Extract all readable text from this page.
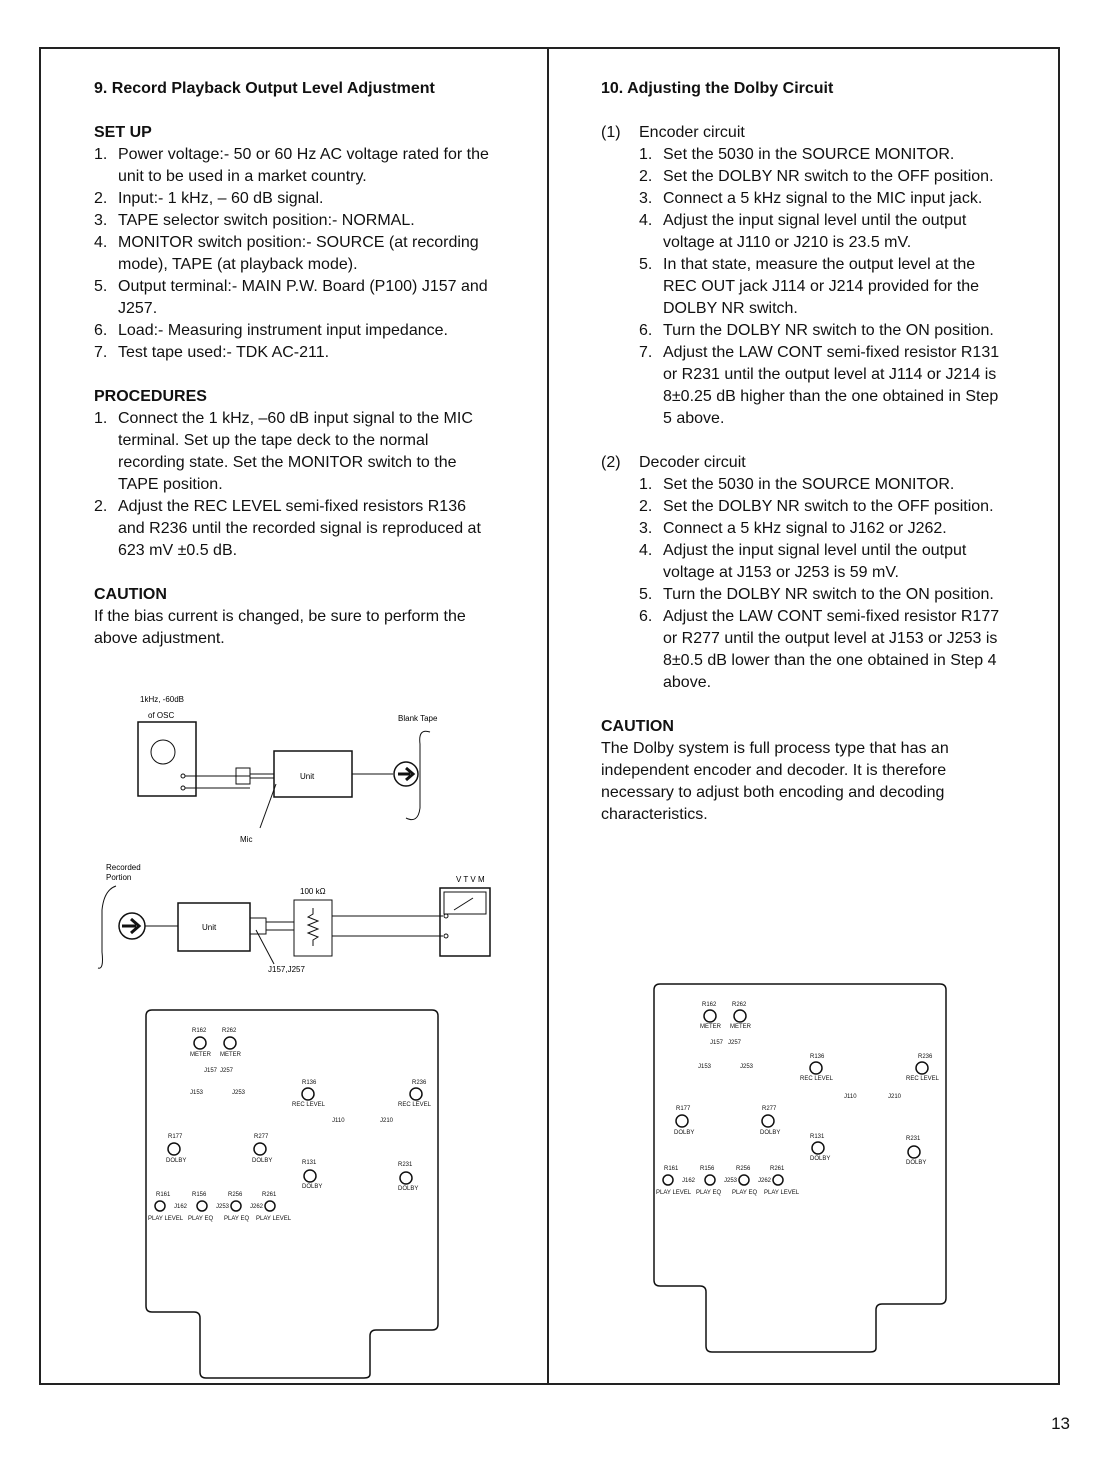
9. Record Playback Output Level Adjustment

SET UP

1. Power voltage:- 50 or 60 Hz AC voltage rated for the unit to be used in a market country.
2. Input:- 1 kHz, – 60 dB signal.
3. TAPE selector switch position:- NORMAL.
4. MONITOR switch position:- SOURCE (at recording mode), TAPE (at playback mode).
5. Output terminal:- MAIN P.W. Board (P100) J157 and J257.
6. Load:- Measuring instrument input impedance.
7. Test tape used:- TDK AC-211.

PROCEDURES

1. Connect the 1 kHz, –60 dB input signal to the MIC terminal. Set up the tape deck to the normal recording state. Set the MONITOR switch to the TAPE position.
2. Adjust the REC LEVEL semi-fixed resistors R136 and R236 until the recorded signal is reproduced at 623 mV ±0.5 dB.

CAUTION

If the bias current is changed, be sure to perform the above adjustment.

1kHz, -60dB
of OSC	Blank Tape
Unit
Mic
Recorded
Portion	V T V M
Unit
100 kΩ
J157,J257
R162	R262
METER METER
J157 J257
J153	J253
R136	R236
REC LEVEL	REC LEVEL
J110	J210
R177	R277
DOLBY	DOLBY	R131	R231
DOLBY	DOLBY
R161	R156	R256	R261
J162	J253	J262
PLAY LEVEL PLAY EQ PLAY EQ PLAY LEVEL

10. Adjusting the Dolby Circuit

(1) Encoder circuit
1. Set the 5030 in the SOURCE MONITOR.
2. Set the DOLBY NR switch to the OFF position.
3. Connect a 5 kHz signal to the MIC input jack.
4. Adjust the input signal level until the output voltage at J110 or J210 is 23.5 mV.
5. In that state, measure the output level at the REC OUT jack J114 or J214 provided for the DOLBY NR switch.
6. Turn the DOLBY NR switch to the ON position.
7. Adjust the LAW CONT semi-fixed resistor R131 or R231 until the output level at J114 or J214 is 8±0.25 dB higher than the one obtained in Step 5 above.
(2) Decoder circuit
1. Set the 5030 in the SOURCE MONITOR.
2. Set the DOLBY NR switch to the OFF position.
3. Connect a 5 kHz signal to J162 or J262.
4. Adjust the input signal level until the output voltage at J153 or J253 is 59 mV.
5. Turn the DOLBY NR switch to the ON position.
6. Adjust the LAW CONT semi-fixed resistor R177 or R277 until the output level at J153 or J253 is 8±0.5 dB lower than the one obtained in Step 4 above.

CAUTION

The Dolby system is full process type that has an independent encoder and decoder. It is therefore necessary to adjust both encoding and decoding characteristics.

R162	R262
METER METER
J157 J257
J153	J253
R136	R236
REC LEVEL	REC LEVEL
J110	J210
R177	R277
DOLBY	DOLBY
R131	R231
DOLBY
DOLBY
R161	R156	R256	R261
J162	J253	J262
PLAY LEVEL PLAY EQ PLAY EQ PLAY LEVEL
13
